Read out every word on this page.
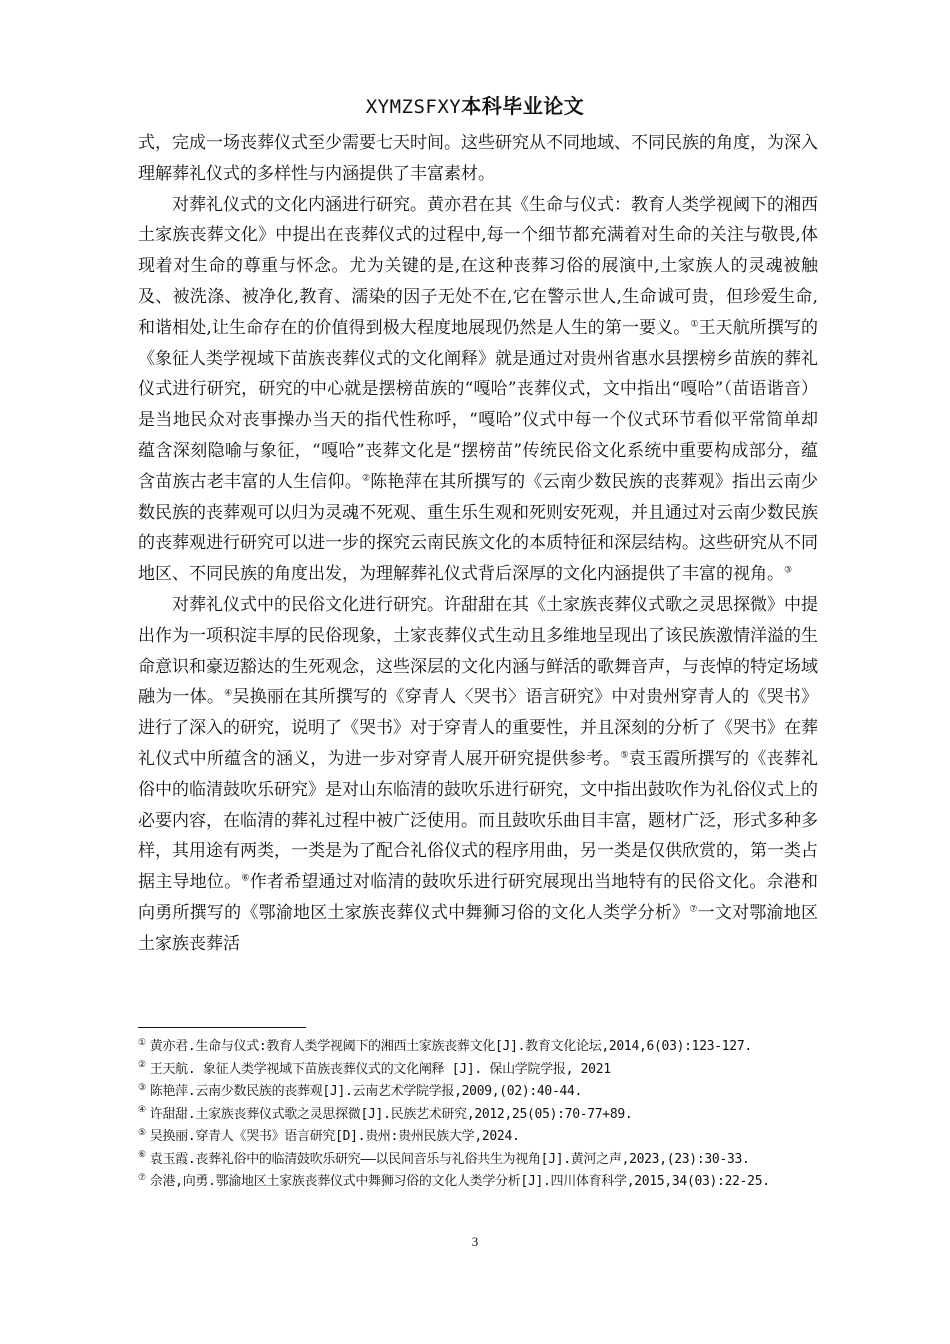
XYMZSFXY本科毕业论文

式，完成一场丧葬仪式至少需要七天时间。这些研究从不同地域、不同民族的角度，为深入理解葬礼仪式的多样性与内涵提供了丰富素材。

对葬礼仪式的文化内涵进行研究。黄亦君在其《生命与仪式：教育人类学视阈下的湘西土家族丧葬文化》中提出在丧葬仪式的过程中,每一个细节都充满着对生命的关注与敬畏,体现着对生命的尊重与怀念。尤为关键的是,在这种丧葬习俗的展演中,土家族人的灵魂被触及、被洗涤、被净化,教育、濡染的因子无处不在,它在警示世人,生命诚可贵，但珍爱生命,和谐相处,让生命存在的价值得到极大程度地展现仍然是人生的第一要义。①王天航所撰写的《象征人类学视域下苗族丧葬仪式的文化阐释》就是通过对贵州省惠水县摆榜乡苗族的葬礼仪式进行研究，研究的中心就是摆榜苗族的“嘎哈”丧葬仪式，文中指出“嘎哈”（苗语谐音）是当地民众对丧事操办当天的指代性称呼，“嘎哈”仪式中每一个仪式环节看似平常简单却蕴含深刻隐喻与象征，“嘎哈”丧葬文化是“摆榜苗”传统民俗文化系统中重要构成部分，蕴含苗族古老丰富的人生信仰。②陈艳萍在其所撰写的《云南少数民族的丧葬观》指出云南少数民族的丧葬观可以归为灵魂不死观、重生乐生观和死则安死观，并且通过对云南少数民族的丧葬观进行研究可以进一步的探究云南民族文化的本质特征和深层结构。这些研究从不同地区、不同民族的角度出发，为理解葬礼仪式背后深厚的文化内涵提供了丰富的视角。③

对葬礼仪式中的民俗文化进行研究。许甜甜在其《土家族丧葬仪式歌之灵思探微》中提出作为一项积淀丰厚的民俗现象，土家丧葬仪式生动且多维地呈现出了该民族激情洋溢的生命意识和豪迈豁达的生死观念，这些深层的文化内涵与鲜活的歌舞音声，与丧悼的特定场域融为一体。④吴换丽在其所撰写的《穿青人〈哭书〉语言研究》中对贵州穿青人的《哭书》进行了深入的研究，说明了《哭书》对于穿青人的重要性，并且深刻的分析了《哭书》在葬礼仪式中所蕴含的涵义，为进一步对穿青人展开研究提供参考。⑤袁玉霞所撰写的《丧葬礼俗中的临清鼓吹乐研究》是对山东临清的鼓吹乐进行研究，文中指出鼓吹作为礼俗仪式上的必要内容，在临清的葬礼过程中被广泛使用。而且鼓吹乐曲目丰富，题材广泛，形式多种多样，其用途有两类，一类是为了配合礼俗仪式的程序用曲，另一类是仅供欣赏的，第一类占据主导地位。⑥作者希望通过对临清的鼓吹乐进行研究展现出当地特有的民俗文化。佘港和向勇所撰写的《鄂渝地区土家族丧葬仪式中舞狮习俗的文化人类学分析》⑦一文对鄂渝地区土家族丧葬活

① 黄亦君.生命与仪式:教育人类学视阈下的湘西土家族丧葬文化[J].教育文化论坛,2014,6(03):123-127.
② 王天航. 象征人类学视域下苗族丧葬仪式的文化阐释 [J]. 保山学院学报, 2021
③ 陈艳萍.云南少数民族的丧葬观[J].云南艺术学院学报,2009,(02):40-44.
④ 许甜甜.土家族丧葬仪式歌之灵思探微[J].民族艺术研究,2012,25(05):70-77+89.
⑤ 吴换丽.穿青人《哭书》语言研究[D].贵州:贵州民族大学,2024.
⑥ 袁玉霞.丧葬礼俗中的临清鼓吹乐研究——以民间音乐与礼俗共生为视角[J].黄河之声,2023,(23):30-33.
⑦ 佘港,向勇.鄂渝地区土家族丧葬仪式中舞狮习俗的文化人类学分析[J].四川体育科学,2015,34(03):22-25.
3
